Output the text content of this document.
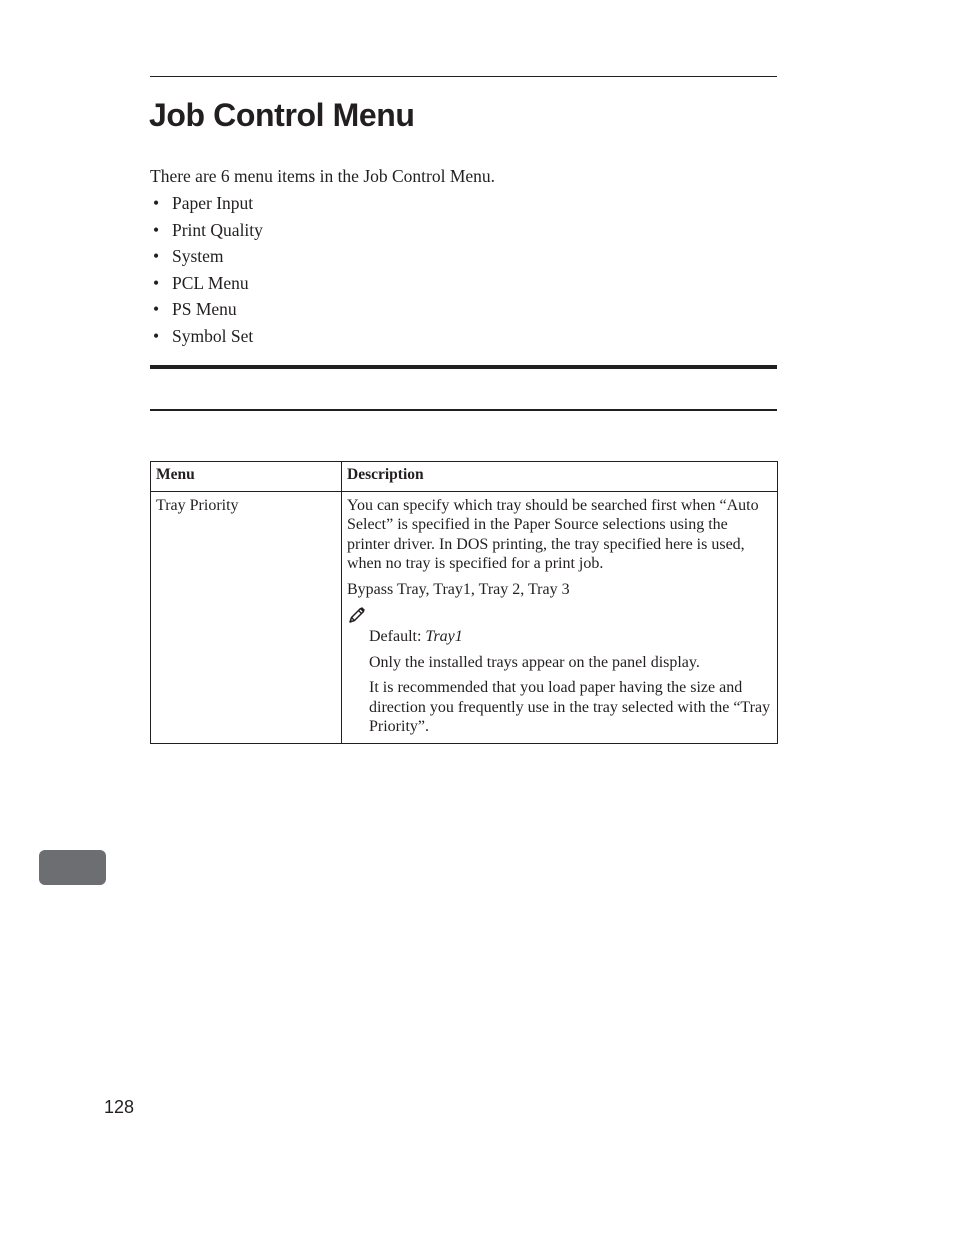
Job Control Menu

There are 6 menu items in the Job Control Menu.

• Paper Input
• Print Quality
• System
• PCL Menu
• PS Menu
• Symbol Set
Menu	Description
Tray Priority	You can specify which tray should be searched first when “Auto Select” is specified in the Paper Source selections using the printer driver. In DOS printing, the tray specified here is used, when no tray is specified for a print job.

Bypass Tray, Tray1, Tray 2, Tray 3

Default: Tray1

Only the installed trays appear on the panel display.

It is recommended that you load paper having the size and direction you frequently use in the tray selected with the “Tray Priority”.

128
